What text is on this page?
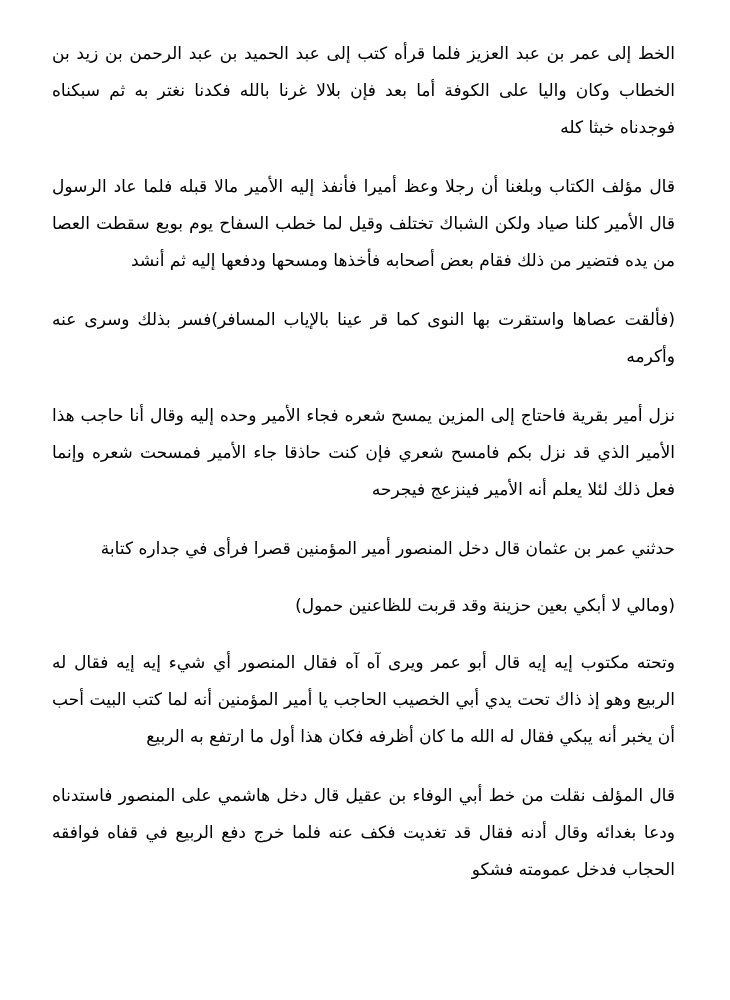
الخط إلى عمر بن عبد العزيز فلما قرأه كتب إلى عبد الحميد بن عبد الرحمن بن زيد بن الخطاب وكان واليا على الكوفة أما بعد فإن بلالا غرنا بالله فكدنا نغتر به ثم سبكناه فوجدناه خبثا كله

قال مؤلف الكتاب وبلغنا أن رجلا وعظ أميرا فأنفذ إليه الأمير مالا قبله فلما عاد الرسول قال الأمير كلنا صياد ولكن الشباك تختلف وقيل لما خطب السفاح يوم بويع سقطت العصا من يده فتضير من ذلك فقام بعض أصحابه فأخذها ومسحها ودفعها إليه ثم أنشد

(فألقت عصاها واستقرت بها النوى كما قر عينا بالإياب المسافر)فسر بذلك وسرى عنه وأكرمه

نزل أمير بقرية فاحتاج إلى المزين يمسح شعره فجاء الأمير وحده إليه وقال أنا حاجب هذا الأمير الذي قد نزل بكم فامسح شعري فإن كنت حاذقا جاء الأمير فمسحت شعره وإنما فعل ذلك لئلا يعلم أنه الأمير فينزعج فيجرحه

حدثني عمر بن عثمان قال دخل المنصور أمير المؤمنين قصرا فرأى في جداره كتابة

(ومالي لا أبكي بعين حزينة وقد قربت للظاعنين حمول)

وتحته مكتوب إيه إيه قال أبو عمر ويرى آه آه فقال المنصور أي شيء إيه إيه فقال له الربيع وهو إذ ذاك تحت يدي أبي الخصيب الحاجب يا أمير المؤمنين أنه لما كتب البيت أحب أن يخبر أنه يبكي فقال له الله ما كان أظرفه فكان هذا أول ما ارتفع به الربيع

قال المؤلف نقلت من خط أبي الوفاء بن عقيل قال دخل هاشمي على المنصور فاستدناه ودعا بغدائه وقال أدنه فقال قد تغديت فكف عنه فلما خرج دفع الربيع في قفاه فوافقه الحجاب فدخل عمومته فشكو
